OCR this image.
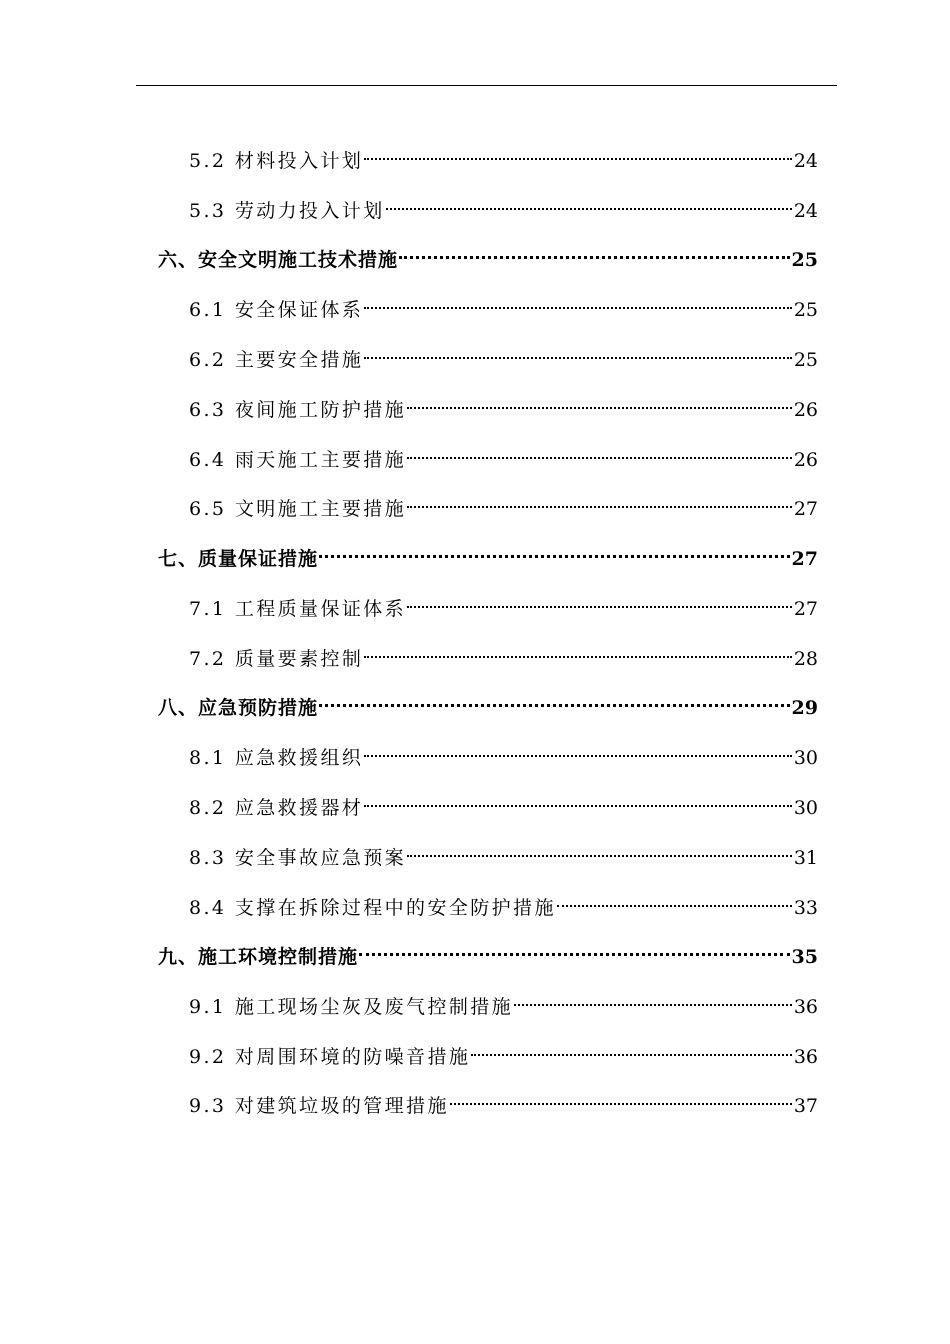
5.2 材料投入计划	24
5.3 劳动力投入计划	24
六、安全文明施工技术措施	25
6.1 安全保证体系	25
6.2 主要安全措施	25
6.3 夜间施工防护措施	26
6.4 雨天施工主要措施	26
6.5 文明施工主要措施	27
七、质量保证措施	27
7.1 工程质量保证体系	27
7.2 质量要素控制	28
八、应急预防措施	29
8.1 应急救援组织	30
8.2 应急救援器材	30
8.3 安全事故应急预案	31
8.4 支撑在拆除过程中的安全防护措施	33
九、施工环境控制措施	35
9.1 施工现场尘灰及废气控制措施	36
9.2 对周围环境的防噪音措施	36
9.3 对建筑垃圾的管理措施	37
